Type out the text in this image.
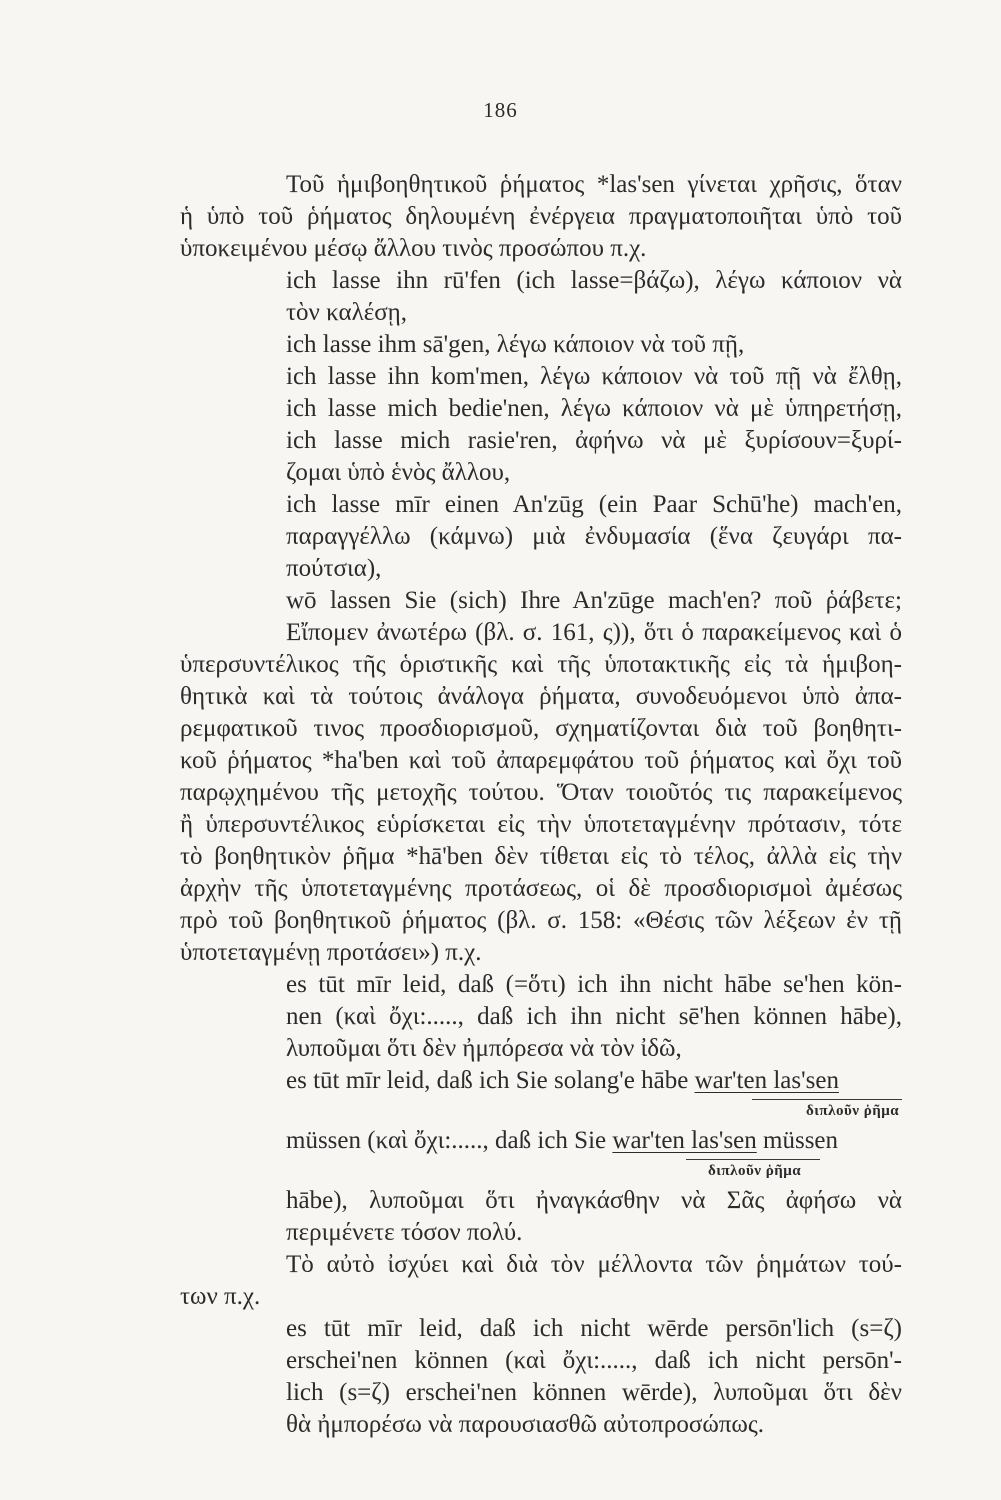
186
Τοῦ ἡμιβοηθητικοῦ ῥήματος *las'sen γίνεται χρῆσις, ὅταν
ἡ ὑπὸ τοῦ ῥήματος δηλουμένη ἐνέργεια πραγματοποιῆται ὑπὸ τοῦ
ὑποκειμένου μέσῳ ἄλλου τινὸς προσώπου π.χ.
ich lasse ihn rū'fen (ich lasse=βάζω), λέγω κάποιον νὰ
τὸν καλέσῃ,
ich lasse ihm sā'gen, λέγω κάποιον νὰ τοῦ πῇ,
ich lasse ihn kom'men, λέγω κάποιον νὰ τοῦ πῇ νὰ ἔλθῃ,
ich lasse mich bedie'nen, λέγω κάποιον νὰ μὲ ὑπηρετήσῃ,
ich lasse mich rasie'ren, ἀφήνω νὰ μὲ ξυρίσουν=ξυρί-
ζομαι ὑπὸ ἑνὸς ἄλλου,
ich lasse mīr einen An'zūg (ein Paar Schū'he) mach'en,
παραγγέλλω (κάμνω) μιὰ ἐνδυμασία (ἕνα ζευγάρι πα-
πούτσια),
wō lassen Sie (sich) Ihre An'zūge mach'en? ποῦ ῥάβετε;
Εἴπομεν ἀνωτέρω (βλ. σ. 161, ς)), ὅτι ὁ παρακείμενος καὶ ὁ
ὑπερσυντέλικος τῆς ὁριστικῆς καὶ τῆς ὑποτακτικῆς εἰς τὰ ἡμιβοη-
θητικὰ καὶ τὰ τούτοις ἀνάλογα ῥήματα, συνοδευόμενοι ὑπὸ ἀπα-
ρεμφατικοῦ τινος προσδιορισμοῦ, σχηματίζονται διὰ τοῦ βοηθητι-
κοῦ ῥήματος *ha'ben καὶ τοῦ ἀπαρεμφάτου τοῦ ῥήματος καὶ ὄχι τοῦ
παρῳχημένου τῆς μετοχῆς τούτου. Ὅταν τοιοῦτός τις παρακείμενος
ἢ ὑπερσυντέλικος εὑρίσκεται εἰς τὴν ὑποτεταγμένην πρότασιν, τότε
τὸ βοηθητικὸν ῥῆμα *hā'ben δὲν τίθεται εἰς τὸ τέλος, ἀλλὰ εἰς τὴν
ἀρχὴν τῆς ὑποτεταγμένης προτάσεως, οἱ δὲ προσδιορισμοὶ ἀμέσως
πρὸ τοῦ βοηθητικοῦ ῥήματος (βλ. σ. 158: «Θέσις τῶν λέξεων ἐν τῇ
ὑποτεταγμένῃ προτάσει») π.χ.
es tūt mīr leid, daß (=ὅτι) ich ihn nicht hābe se'hen kön-
nen (καὶ ὄχι:....., daß ich ihn nicht sē'hen können hābe),
λυποῦμαι ὅτι δὲν ἠμπόρεσα νὰ τὸν ἰδῶ,
es tūt mīr leid, daß ich Sie solang'e hābe war'ten las'sen
διπλοῦν ῥῆμα
müssen (καὶ ὄχι:....., daß ich Sie war'ten las'sen müssen
διπλοῦν ῥῆμα
hābe), λυποῦμαι ὅτι ἠναγκάσθην νὰ Σᾶς ἀφήσω νὰ
περιμένετε τόσον πολύ.
Τὸ αὐτὸ ἰσχύει καὶ διὰ τὸν μέλλοντα τῶν ῥημάτων τού-
των π.χ.
es tūt mīr leid, daß ich nicht wērde persōn'lich (s=ζ)
erschei'nen können (καὶ ὄχι:....., daß ich nicht persōn'-
lich (s=ζ) erschei'nen können wērde), λυποῦμαι ὅτι δὲν
θὰ ἠμπορέσω νὰ παρουσιασθῶ αὐτοπροσώπως.
